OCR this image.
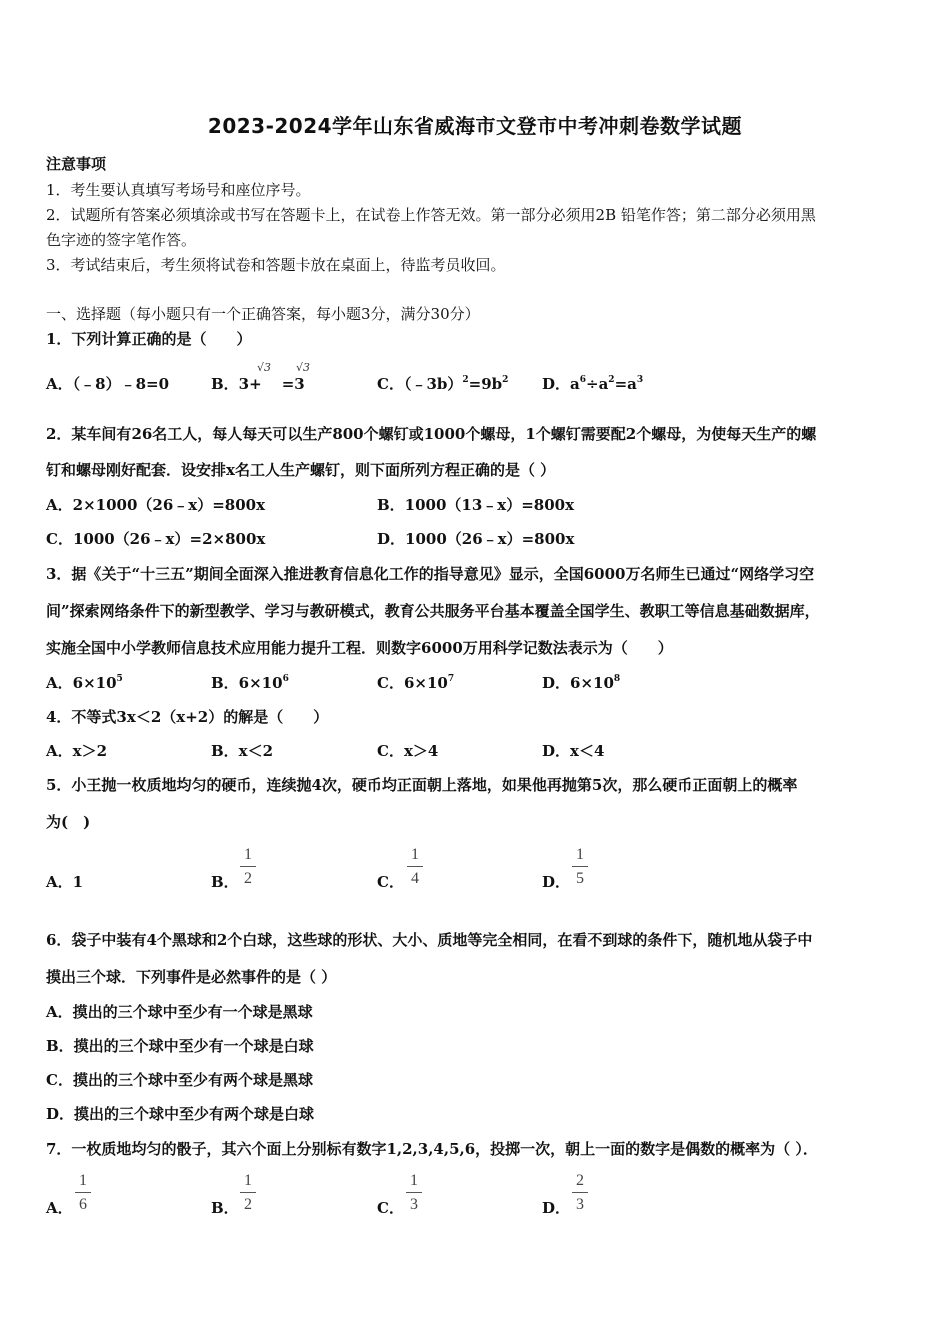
2023-2024学年山东省威海市文登市中考冲刺卷数学试题
注意事项
1．考生要认真填写考场号和座位序号。
2．试题所有答案必须填涂或书写在答题卡上，在试卷上作答无效。第一部分必须用2B 铅笔作答；第二部分必须用黑
色字迹的签字笔作答。
3．考试结束后，考生须将试卷和答题卡放在桌面上，待监考员收回。
一、选择题（每小题只有一个正确答案，每小题3分，满分30分）
1．下列计算正确的是（　　）
A．（﹣8）﹣8=0	B．3+ =3
√3 √3
C．$(﹣3b)^2=9b^2$ D．$a^6\div a^2=a^3$
2．某车间有26名工人，每人每天可以生产800个螺钉或1000个螺母，1个螺钉需要配2个螺母，为使每天生产的螺
钉和螺母刚好配套．设安排x名工人生产螺钉，则下面所列方程正确的是（ ）
A．2×1000（26﹣x）=800x	B．1000（13﹣x）=800x
C．1000（26﹣x）=2×800x	D．1000（26﹣x）=800x
3．据《关于“十三五”期间全面深入推进教育信息化工作的指导意见》显示，全国6000万名师生已通过“网络学习空
间”探索网络条件下的新型教学、学习与教研模式，教育公共服务平台基本覆盖全国学生、教职工等信息基础数据库，
实施全国中小学教师信息技术应用能力提升工程．则数字6000万用科学记数法表示为（　　）
A．$6\times 10^5$	B．$6\times 10^6$	C．$6\times 10^7$	D．$6\times 10^8$
4．不等式3x＜2（x+2）的解是（　　）
A．x＞2	B．x＜2	C．x＞4	D．x＜4
5．小王抛一枚质地均匀的硬币，连续抛4次，硬币均正面朝上落地，如果他再抛第5次，那么硬币正面朝上的概率
为(　)
A．1	B．
1
2	C．
1
4	D．
1
5
6．袋子中装有4个黑球和2个白球，这些球的形状、大小、质地等完全相同，在看不到球的条件下，随机地从袋子中
摸出三个球．下列事件是必然事件的是（ ）
A．摸出的三个球中至少有一个球是黑球
B．摸出的三个球中至少有一个球是白球
C．摸出的三个球中至少有两个球是黑球
D．摸出的三个球中至少有两个球是白球
7．一枚质地均匀的骰子，其六个面上分别标有数字1,2,3,4,5,6，投掷一次，朝上一面的数字是偶数的概率为（ ）．
A．
1
6	B．
1
2	C．
1
3	D．
2
3
